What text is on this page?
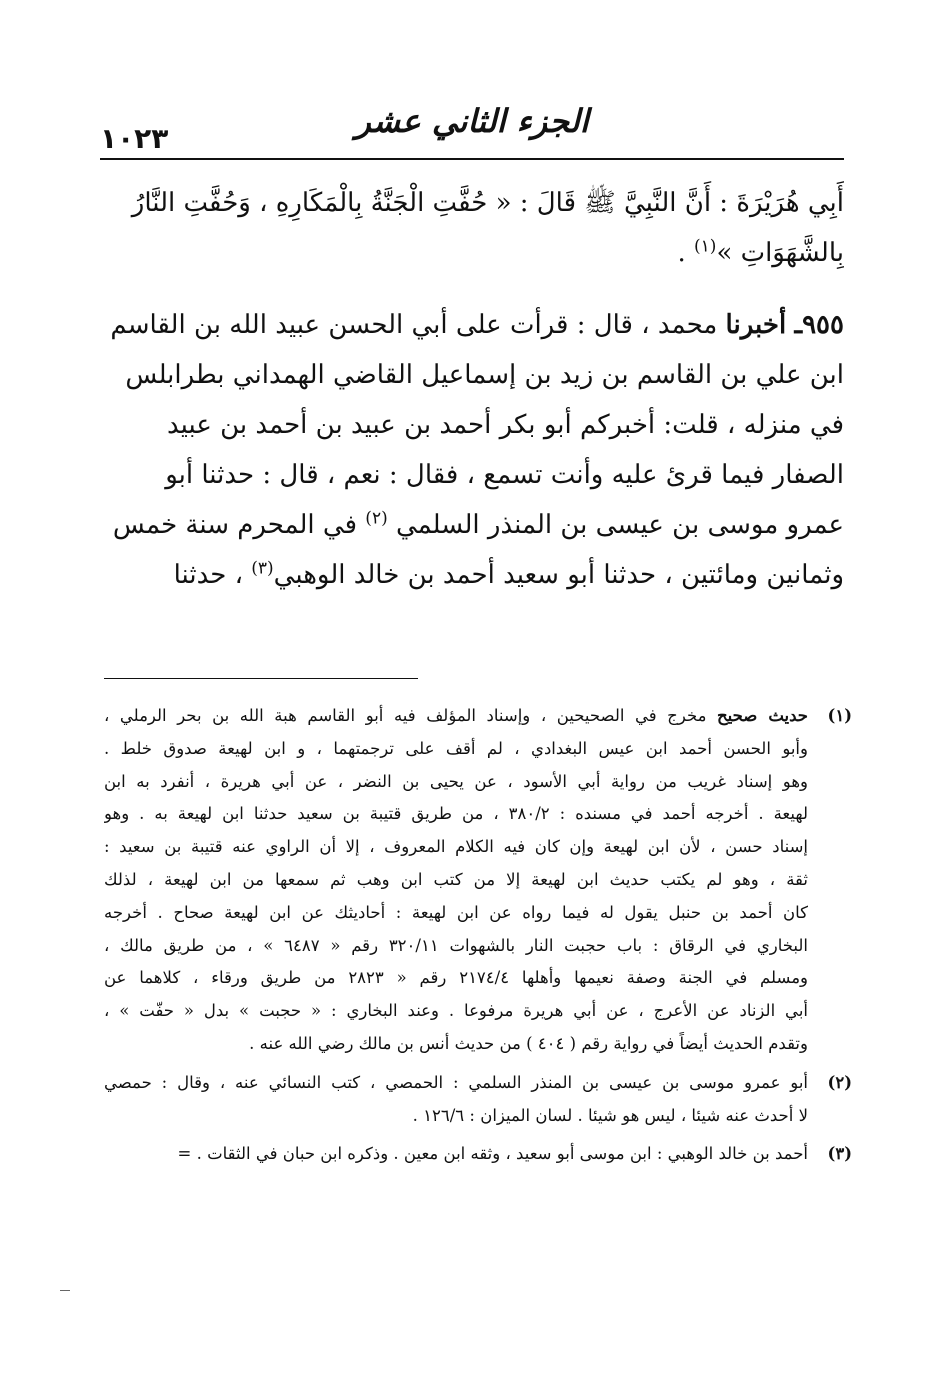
الجزء الثاني عشر
١٠٢٣
أَبِي هُرَيْرَةَ : أَنَّ النَّبِيَّ ﷺ قَالَ : « حُفَّتِ الْجَنَّةُ بِالْمَكَارِهِ ، وَحُفَّتِ النَّارُ
بِالشَّهَوَاتِ »$^{(١)}$ .
٩٥٥ـ أخبرنا محمد ، قال : قرأت على أبي الحسن عبيد الله بن القاسم
ابن علي بن القاسم بن زيد بن إسماعيل القاضي الهمداني بطرابلس
في منزله ، قلت: أخبركم أبو بكر أحمد بن عبيد بن أحمد بن عبيد
الصفار فيما قرئ عليه وأنت تسمع ، فقال : نعم ، قال : حدثنا أبو
عمرو موسى بن عيسى بن المنذر السلمي $^{(٢)}$ في المحرم سنة خمس
وثمانين ومائتين ، حدثنا أبو سعيد أحمد بن خالد الوهبي$^{(٣)}$ ، حدثنا
(١)
حديث صحيح مخرج في الصحيحين ، وإسناد المؤلف فيه أبو القاسم هبة الله بن بحر الرملي ،
وأبو الحسن أحمد ابن عيس البغدادي ، لم أقف على ترجمتهما ، و ابن لهيعة صدوق خلط .
وهو إسناد غريب من رواية أبي الأسود ، عن يحيى بن النضر ، عن أبي هريرة ، أنفرد به ابن
لهيعة . أخرجه أحمد في مسنده : ٣٨٠/٢ ، من طريق قتيبة بن سعيد حدثنا ابن لهيعة به . وهو
إسناد حسن ، لأن ابن لهيعة وإن كان فيه الكلام المعروف ، إلا أن الراوي عنه قتيبة بن سعيد :
ثقة ، وهو لم يكتب حديث ابن لهيعة إلا من كتب ابن وهب ثم سمعها من ابن لهيعة ، لذلك
كان أحمد بن حنبل يقول له فيما رواه عن ابن لهيعة : أحاديثك عن ابن لهيعة صحاح . أخرجه
البخاري في الرقاق : باب حجبت النار بالشهوات ٣٢٠/١١ رقم « ٦٤٨٧ » ، من طريق مالك ،
ومسلم في الجنة وصفة نعيمها وأهلها ٢١٧٤/٤ رقم « ٢٨٢٣ من طريق ورقاء ، كلاهما عن
أبي الزناد عن الأعرج ، عن أبي هريرة مرفوعا . وعند البخاري : « حجبت » بدل « حفّت » ،
وتقدم الحديث أيضاً في رواية رقم ( ٤٠٤ ) من حديث أنس بن مالك رضي الله عنه .
(٢)
أبو عمرو موسى بن عيسى بن المنذر السلمي : الحمصي ، كتب النسائي عنه ، وقال : حمصي
لا أحدث عنه شيئا ، ليس هو شيئا . لسان الميزان : ١٢٦/٦ .
(٣)
أحمد بن خالد الوهبي : ابن موسى أبو سعيد ، وثقه ابن معين . وذكره ابن حبان في الثقات . =
